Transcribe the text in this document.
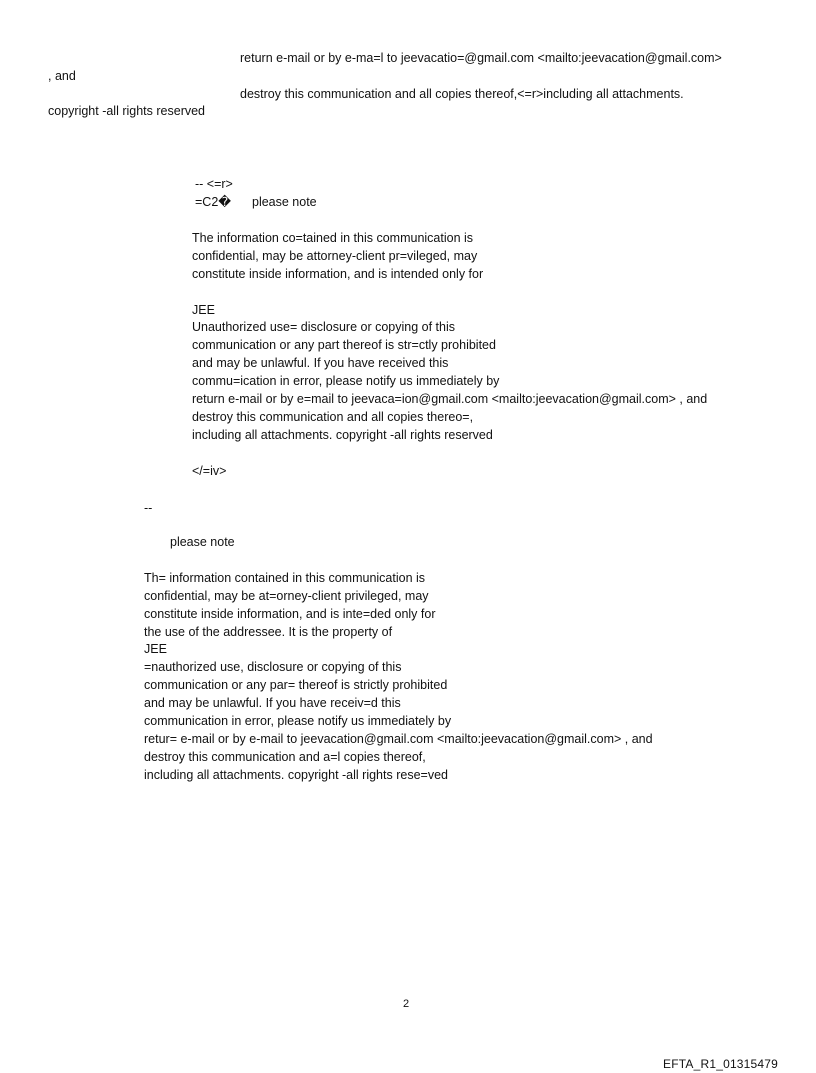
return e-mail or by e-ma=l to jeevacatio=@gmail.com <mailto:jeevacation@gmail.com>
, and
destroy this communication and all copies thereof,<=r>including all attachments.
copyright -all rights reserved
-- <=r>
=C2� please note
The information co=tained in this communication is
confidential, may be attorney-client pr=vileged, may
constitute inside information, and is intended only for
JEE
Unauthorized use= disclosure or copying of this
communication or any part thereof is str=ctly prohibited
and may be unlawful. If you have received this
commu=ication in error, please notify us immediately by
return e-mail or by e=mail to jeevaca=ion@gmail.com <mailto:jeevacation@gmail.com> , and
destroy this communication and all copies thereo=,
including all attachments. copyright -all rights reserved
</=iv>
--
please note
Th= information contained in this communication is
confidential, may be at=orney-client privileged, may
constitute inside information, and is inte=ded only for
the use of the addressee. It is the property of
JEE
=nauthorized use, disclosure or copying of this
communication or any par= thereof is strictly prohibited
and may be unlawful. If you have receiv=d this
communication in error, please notify us immediately by
retur= e-mail or by e-mail to jeevacation@gmail.com <mailto:jeevacation@gmail.com> , and
destroy this communication and a=l copies thereof,
including all attachments. copyright -all rights rese=ved
2
EFTA_R1_01315479
